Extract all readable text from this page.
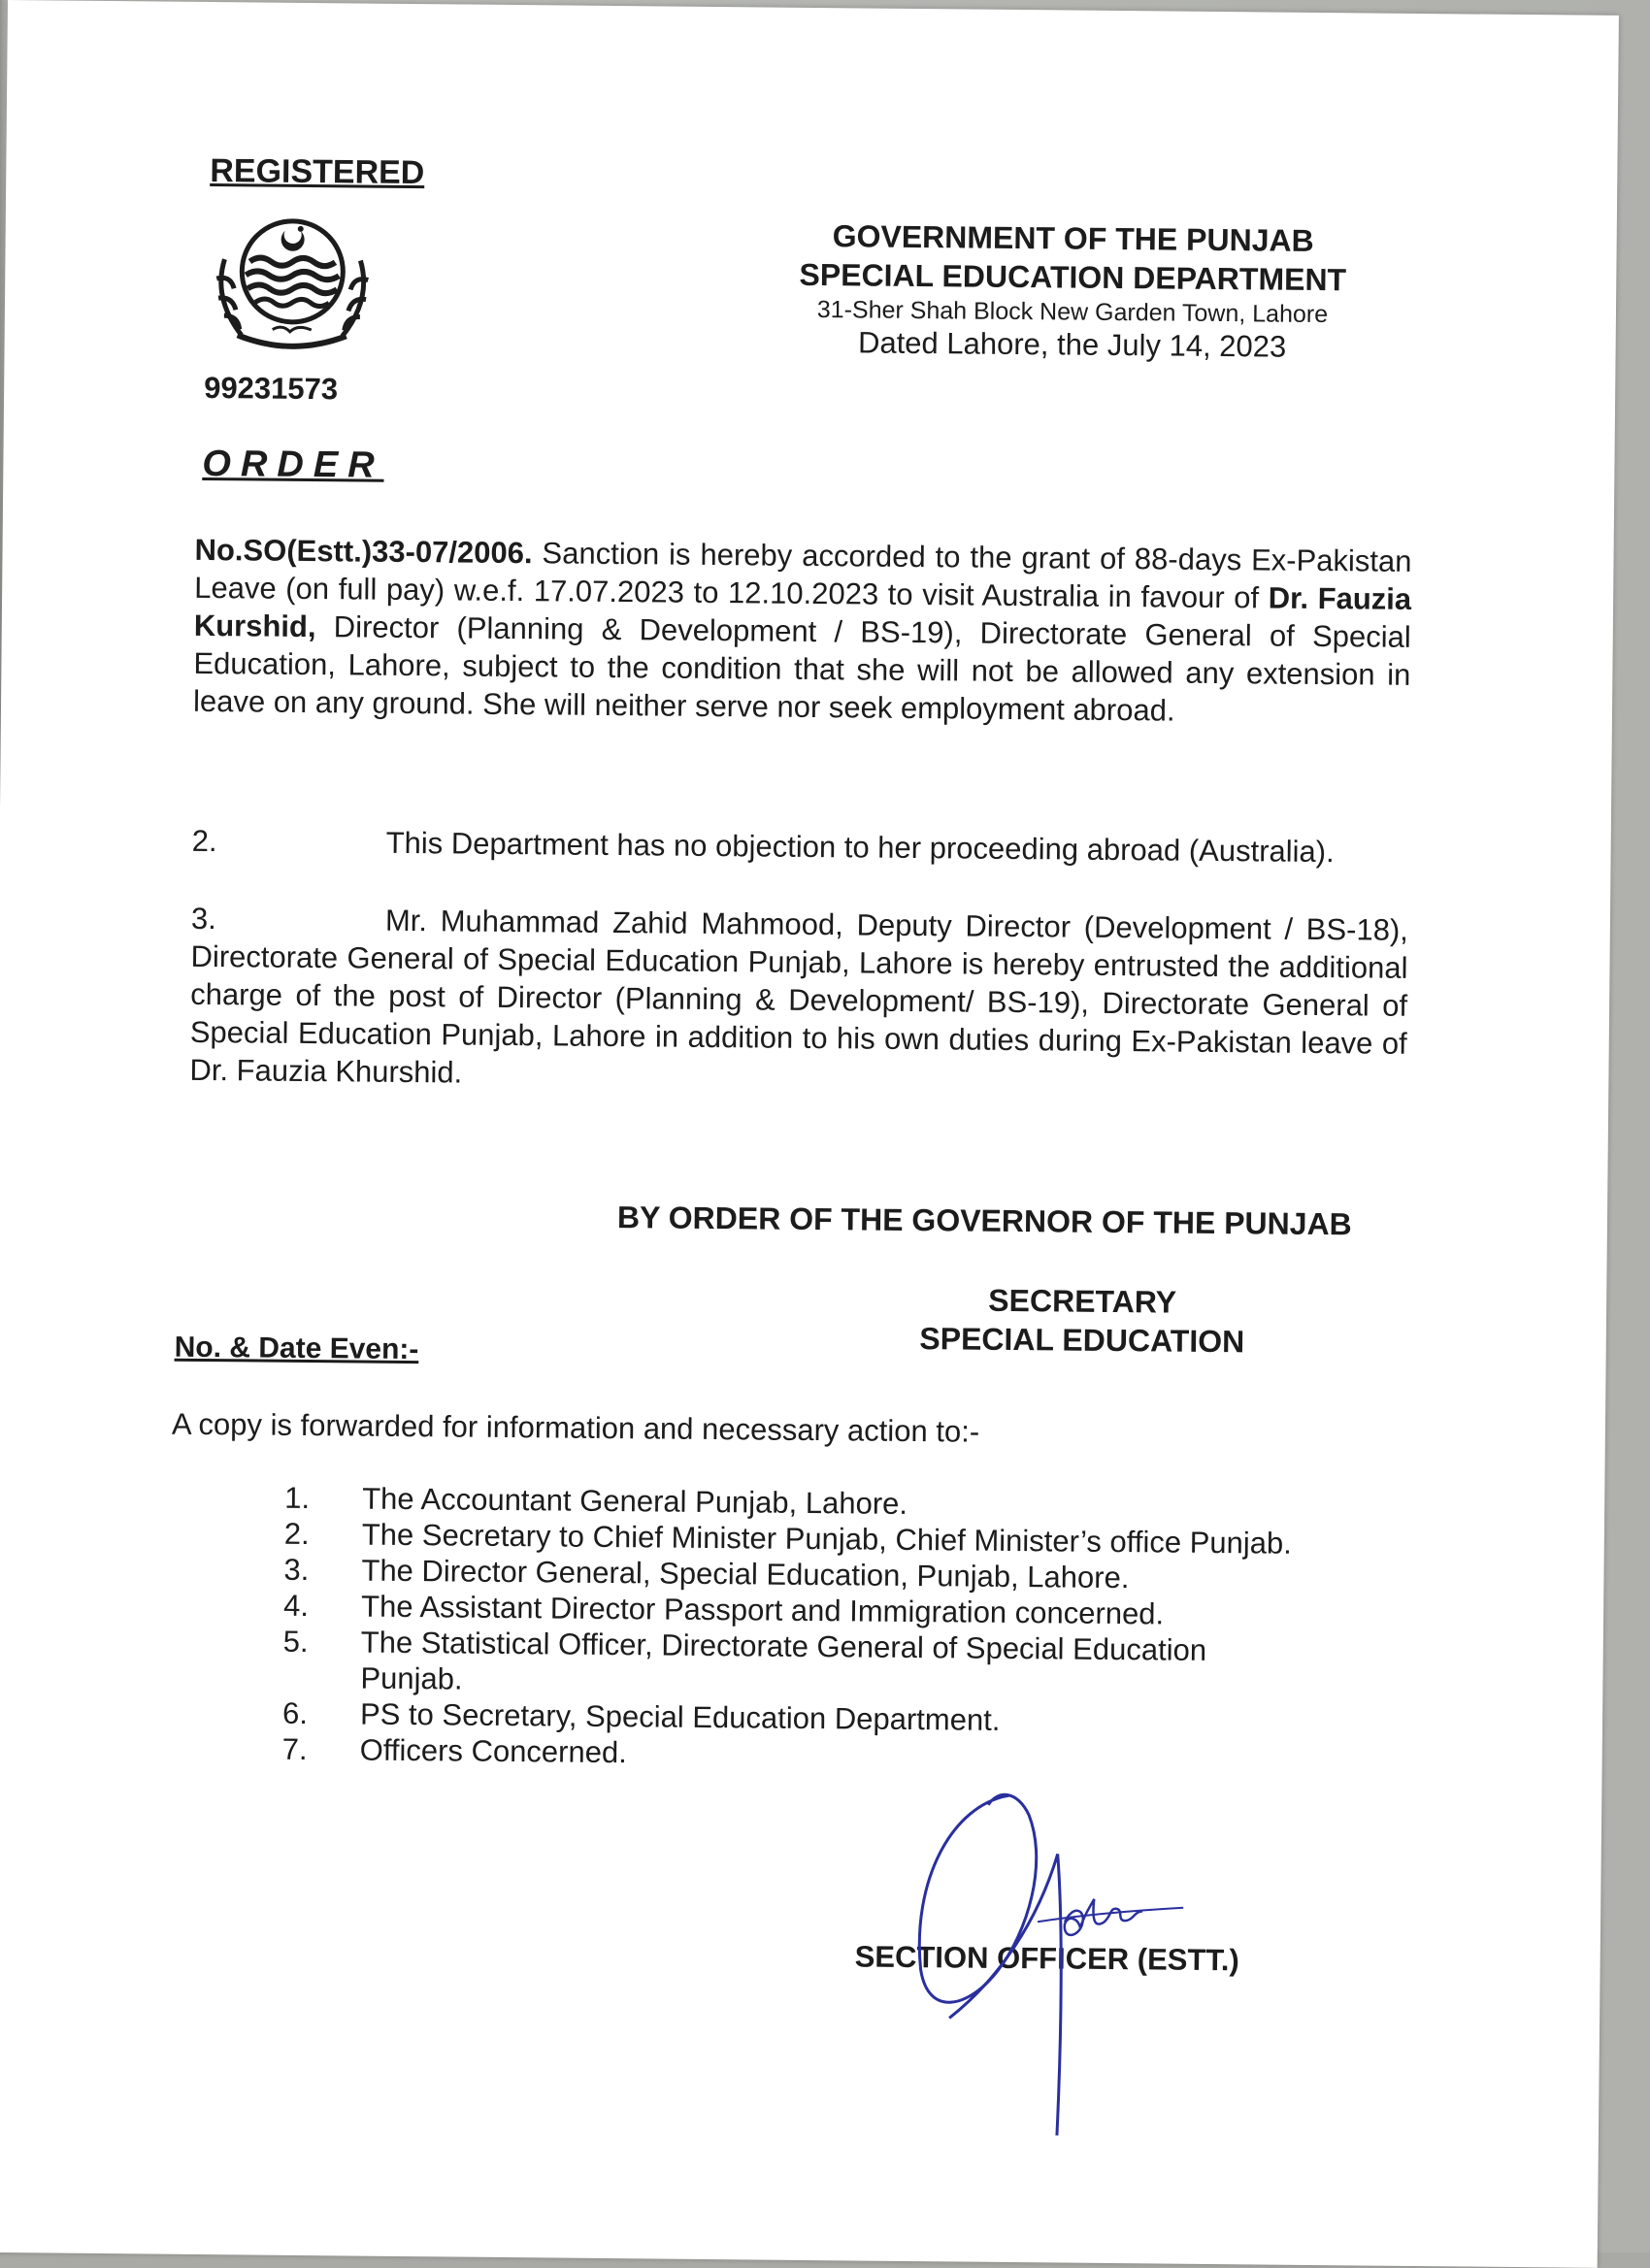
REGISTERED
99231573
GOVERNMENT OF THE PUNJAB
SPECIAL EDUCATION DEPARTMENT
31-Sher Shah Block New Garden Town, Lahore
Dated Lahore, the July 14, 2023
ORDER
No.SO(Estt.)33-07/2006. Sanction is hereby accorded to the grant of 88-days Ex-Pakistan Leave (on full pay) w.e.f. 17.07.2023 to 12.10.2023 to visit Australia in favour of Dr. Fauzia Kurshid, Director (Planning & Development / BS-19), Directorate General of Special Education, Lahore, subject to the condition that she will not be allowed any extension in leave on any ground. She will neither serve nor seek employment abroad.
2.	This Department has no objection to her proceeding abroad (Australia).
3.	Mr. Muhammad Zahid Mahmood, Deputy Director (Development / BS-18), Directorate General of Special Education Punjab, Lahore is hereby entrusted the additional charge of the post of Director (Planning & Development/ BS-19), Directorate General of Special Education Punjab, Lahore in addition to his own duties during Ex-Pakistan leave of Dr. Fauzia Khurshid.
BY ORDER OF THE GOVERNOR OF THE PUNJAB
SECRETARY
SPECIAL EDUCATION
No. & Date Even:-
A copy is forwarded for information and necessary action to:-
1.	The Accountant General Punjab, Lahore.
2.	The Secretary to Chief Minister Punjab, Chief Minister’s office Punjab.
3.	The Director General, Special Education, Punjab, Lahore.
4.	The Assistant Director Passport and Immigration concerned.
5.	The Statistical Officer, Directorate General of Special Education Punjab.
6.	PS to Secretary, Special Education Department.
7.	Officers Concerned.
SECTION OFFICER (ESTT.)
